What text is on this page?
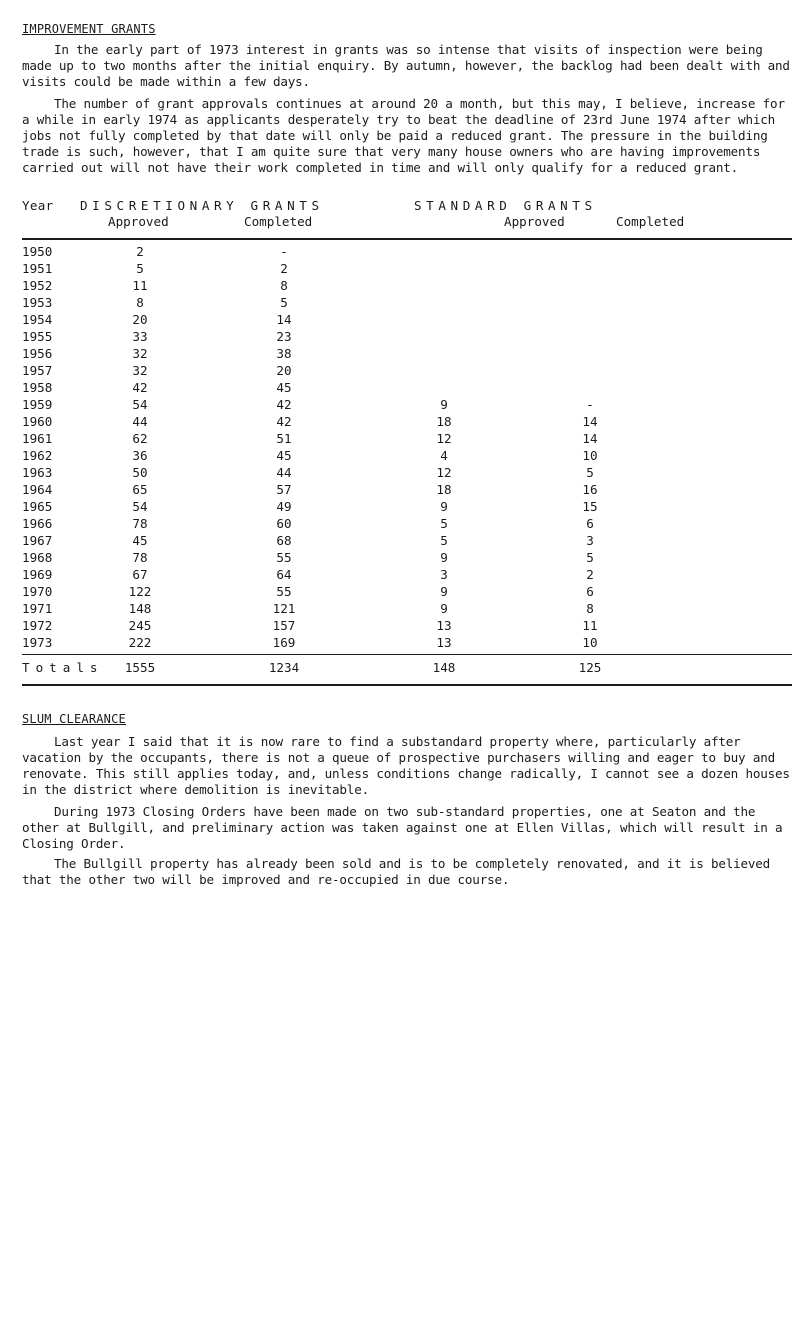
IMPROVEMENT GRANTS
In the early part of 1973 interest in grants was so intense that visits of inspection were being made up to two months after the initial enquiry. By autumn, however, the backlog had been dealt with and visits could be made within a few days.
The number of grant approvals continues at around 20 a month, but this may, I believe, increase for a while in early 1974 as applicants desperately try to beat the deadline of 23rd June 1974 after which jobs not fully completed by that date will only be paid a reduced grant. The pressure in the building trade is such, however, that I am quite sure that very many house owners who are having improvements carried out will not have their work completed in time and will only qualify for a reduced grant.
Year DISCRETIONARY GRANTS	STANDARD GRANTS
Approved	Completed	Approved	Completed
1950	2	-
1951	5	2
1952	11	8
1953	8	5
1954	20	14
1955	33	23
1956	32	38
1957	32	20
1958	42	45
1959	54	42	9	-
1960	44	42	18	14
1961	62	51	12	14
1962	36	45	4	10
1963	50	44	12	5
1964	65	57	18	16
1965	54	49	9	15
1966	78	60	5	6
1967	45	68	5	3
1968	78	55	9	5
1969	67	64	3	2
1970	122	55	9	6
1971	148	121	9	8
1972	245	157	13	11
1973	222	169	13	10
Totals	1555	1234	148	125
SLUM CLEARANCE
Last year I said that it is now rare to find a substandard property where, particularly after vacation by the occupants, there is not a queue of prospective purchasers willing and eager to buy and renovate. This still applies today, and, unless conditions change radically, I cannot see a dozen houses in the district where demolition is inevitable.
During 1973 Closing Orders have been made on two sub-standard properties, one at Seaton and the other at Bullgill, and preliminary action was taken against one at Ellen Villas, which will result in a Closing Order.
The Bullgill property has already been sold and is to be completely renovated, and it is believed that the other two will be improved and re-occupied in due course.
